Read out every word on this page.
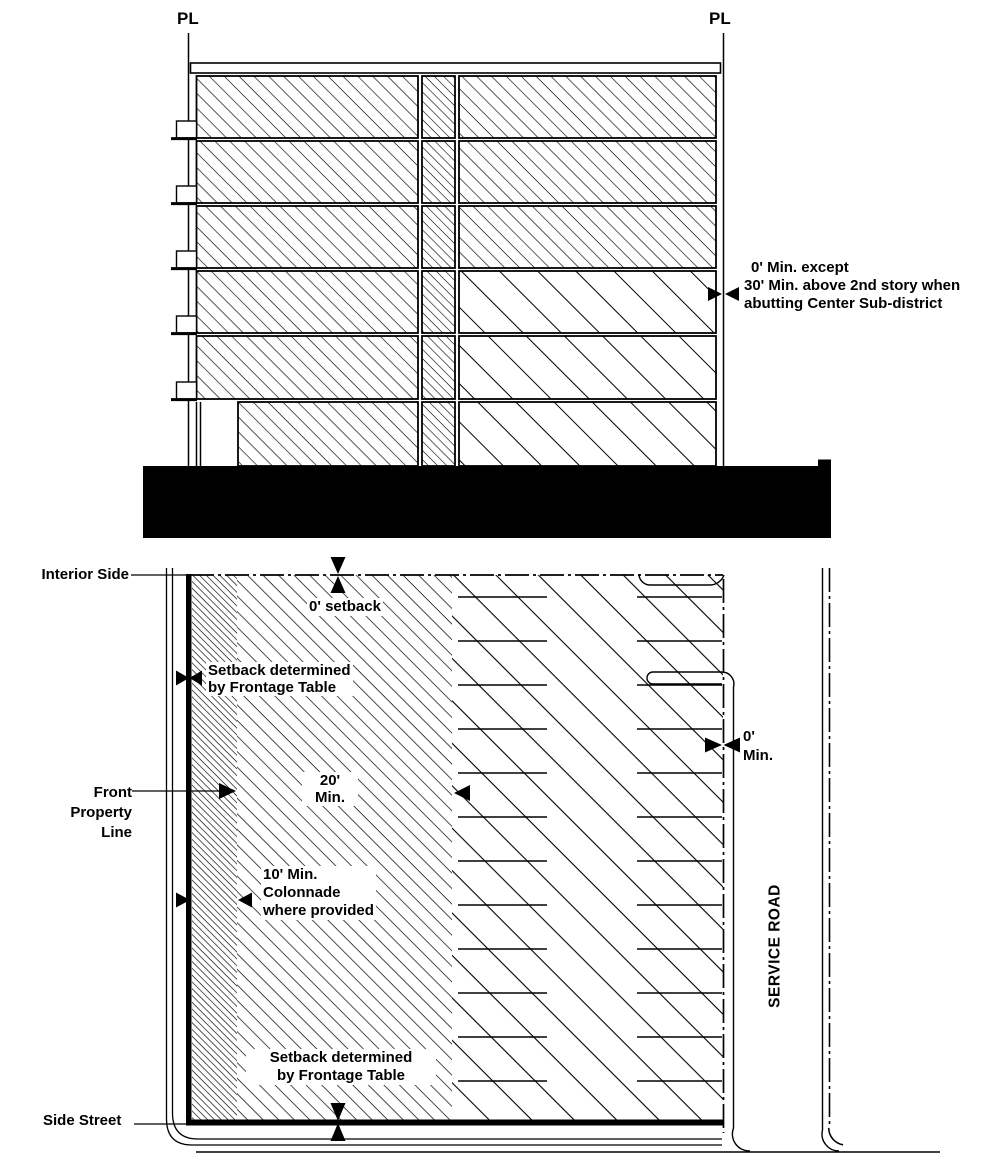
PL	PL
0' Min. except
30' Min. above 2nd story when
abutting Center Sub-district
Interior Side
0' setback
Setback determined
by Frontage Table
Front
Property
Line
20'
Min.
10' Min.
Colonnade
where provided
0'
Min.
SERVICE ROAD
Setback determined
by Frontage Table
Side Street
